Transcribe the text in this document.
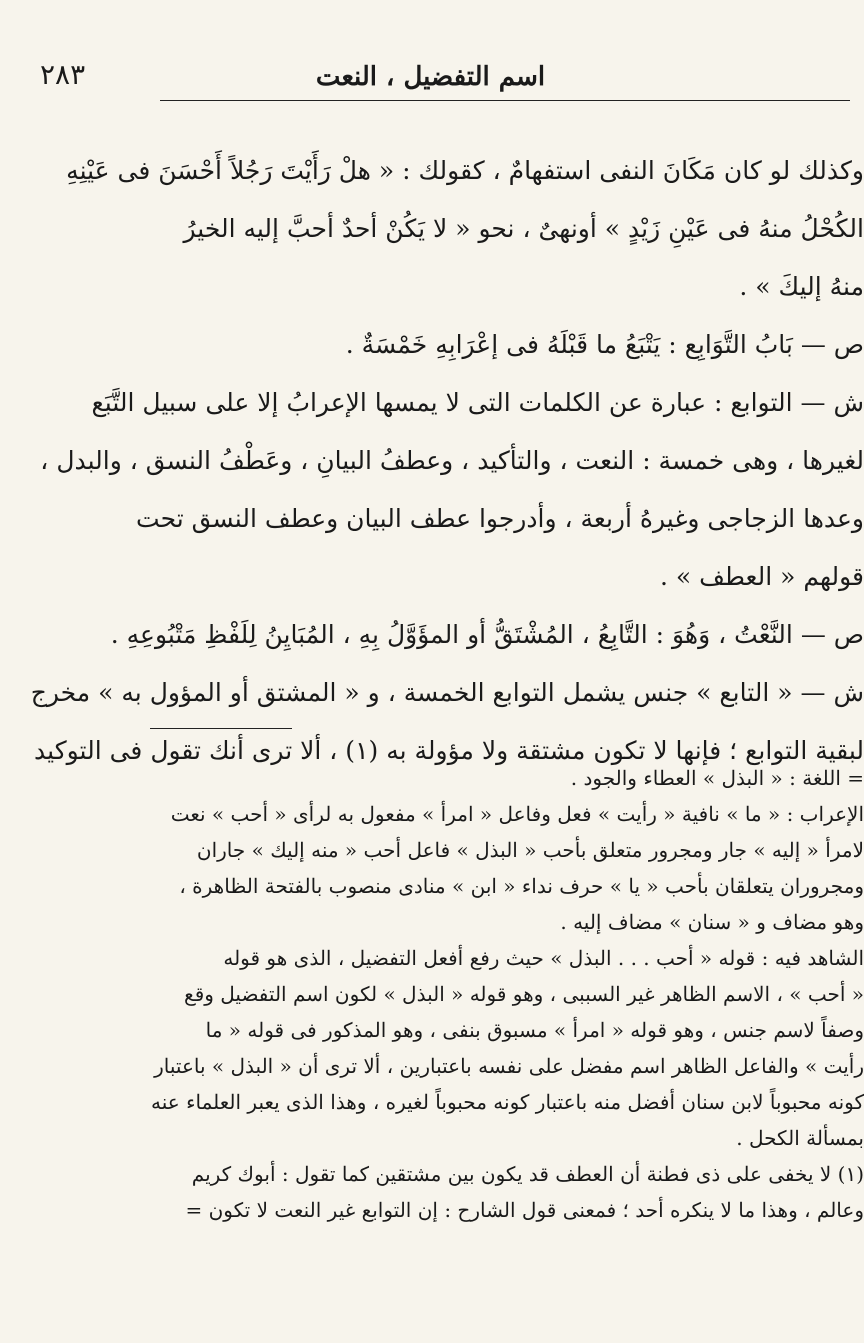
اسم التفضيل ، النعت
٢٨٣
وكذلك لو كان مَكَانَ النفى استفهامٌ ، كقولك : « هلْ رَأَيْتَ رَجُلاً أَحْسَنَ فى عَيْنِهِ
الكُحْلُ منهُ فى عَيْنِ زَيْدٍ » أونهىٌ ، نحو « لا يَكُنْ أحدٌ أحبَّ إليه الخيرُ
منهُ إليكَ » .
ص — بَابُ التَّوَابِع : يَتْبَعُ ما قَبْلَهُ فى إعْرَابِهِ خَمْسَةٌ .
ش — التوابع : عبارة عن الكلمات التى لا يمسها الإعرابُ إلا على سبيل التَّبَع
لغيرها ، وهى خمسة : النعت ، والتأكيد ، وعطفُ البيانِ ، وعَطْفُ النسق ، والبدل ،
وعدها الزجاجى وغيرهُ أربعة ، وأدرجوا عطف البيان وعطف النسق تحت
قولهم « العطف » .
ص — النَّعْتُ ، وَهُوَ : التَّابِعُ ، المُشْتَقُّ أو المؤَوَّلُ بِهِ ، المُبَايِنُ لِلَفْظِ مَتْبُوعِهِ .
ش — « التابع » جنس يشمل التوابع الخمسة ، و « المشتق أو المؤول به » مخرج
لبقية التوابع ؛ فإنها لا تكون مشتقة ولا مؤولة به (١) ، ألا ترى أنك تقول فى التوكيد
= اللغة : « البذل » العطاء والجود .
الإعراب : « ما » نافية « رأيت » فعل وفاعل « امرأ » مفعول به لرأى « أحب » نعت
لامرأ « إليه » جار ومجرور متعلق بأحب « البذل » فاعل أحب « منه إليك » جاران
ومجروران يتعلقان بأحب « يا » حرف نداء « ابن » منادى منصوب بالفتحة الظاهرة ،
وهو مضاف و « سنان » مضاف إليه .
الشاهد فيه : قوله « أحب . . . البذل » حيث رفع أفعل التفضيل ، الذى هو قوله
« أحب » ، الاسم الظاهر غير السببى ، وهو قوله « البذل » لكون اسم التفضيل وقع
وصفاً لاسم جنس ، وهو قوله « امرأ » مسبوق بنفى ، وهو المذكور فى قوله « ما
رأيت » والفاعل الظاهر اسم مفضل على نفسه باعتبارين ، ألا ترى أن « البذل » باعتبار
كونه محبوباً لابن سنان أفضل منه باعتبار كونه محبوباً لغيره ، وهذا الذى يعبر العلماء عنه
بمسألة الكحل .
(١) لا يخفى على ذى فطنة أن العطف قد يكون بين مشتقين كما تقول : أبوك كريم
وعالم ، وهذا ما لا ينكره أحد ؛ فمعنى قول الشارح : إن التوابع غير النعت لا تكون =
